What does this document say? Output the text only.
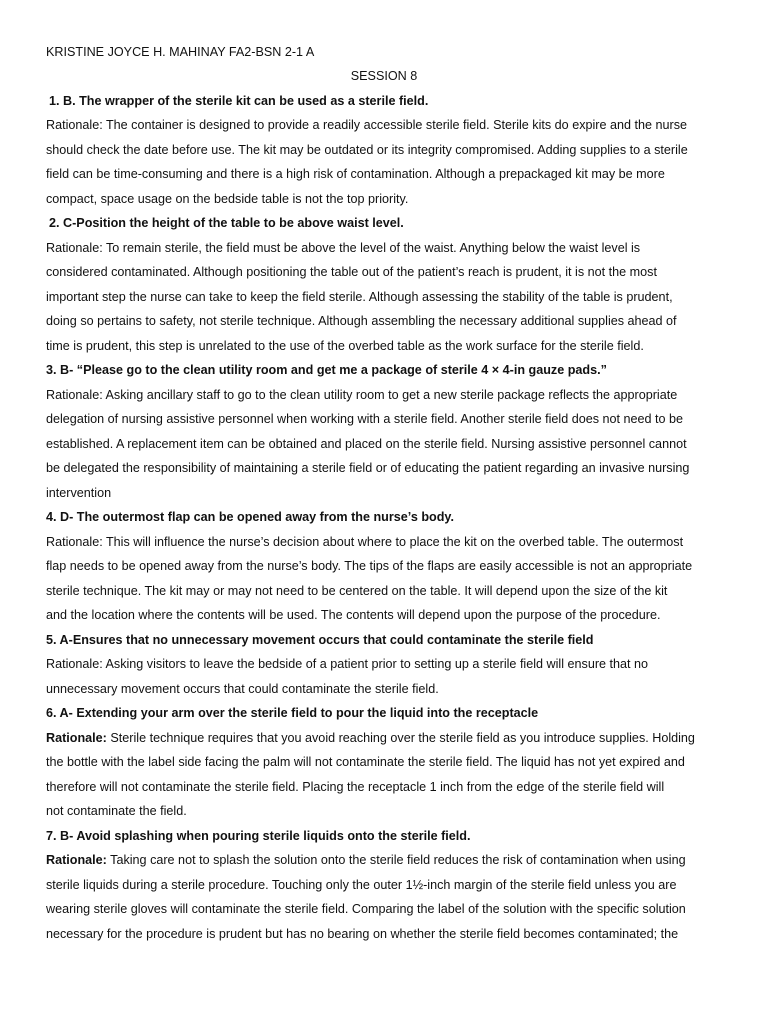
KRISTINE JOYCE H. MAHINAY FA2-BSN 2-1 A
SESSION 8
1. B. The wrapper of the sterile kit can be used as a sterile field.
Rationale: The container is designed to provide a readily accessible sterile field. Sterile kits do expire and the nurse
should check the date before use. The kit may be outdated or its integrity compromised. Adding supplies to a sterile
field can be time-consuming and there is a high risk of contamination. Although a prepackaged kit may be more
compact, space usage on the bedside table is not the top priority.
2. C-Position the height of the table to be above waist level.
Rationale: To remain sterile, the field must be above the level of the waist. Anything below the waist level is
considered contaminated. Although positioning the table out of the patient’s reach is prudent, it is not the most
important step the nurse can take to keep the field sterile. Although assessing the stability of the table is prudent,
doing so pertains to safety, not sterile technique. Although assembling the necessary additional supplies ahead of
time is prudent, this step is unrelated to the use of the overbed table as the work surface for the sterile field.
3. B- “Please go to the clean utility room and get me a package of sterile 4 × 4-in gauze pads.”
Rationale: Asking ancillary staff to go to the clean utility room to get a new sterile package reflects the appropriate
delegation of nursing assistive personnel when working with a sterile field. Another sterile field does not need to be
established. A replacement item can be obtained and placed on the sterile field. Nursing assistive personnel cannot
be delegated the responsibility of maintaining a sterile field or of educating the patient regarding an invasive nursing
intervention
4. D- The outermost flap can be opened away from the nurse’s body.
Rationale: This will influence the nurse’s decision about where to place the kit on the overbed table. The outermost
flap needs to be opened away from the nurse’s body. The tips of the flaps are easily accessible is not an appropriate
sterile technique. The kit may or may not need to be centered on the table. It will depend upon the size of the kit
and the location where the contents will be used. The contents will depend upon the purpose of the procedure.
5. A-Ensures that no unnecessary movement occurs that could contaminate the sterile field
Rationale: Asking visitors to leave the bedside of a patient prior to setting up a sterile field will ensure that no
unnecessary movement occurs that could contaminate the sterile field.
6. A- Extending your arm over the sterile field to pour the liquid into the receptacle
Rationale: Sterile technique requires that you avoid reaching over the sterile field as you introduce supplies. Holding
the bottle with the label side facing the palm will not contaminate the sterile field. The liquid has not yet expired and
therefore will not contaminate the sterile field. Placing the receptacle 1 inch from the edge of the sterile field will
not contaminate the field.
7. B- Avoid splashing when pouring sterile liquids onto the sterile field.
Rationale: Taking care not to splash the solution onto the sterile field reduces the risk of contamination when using
sterile liquids during a sterile procedure. Touching only the outer 1½-inch margin of the sterile field unless you are
wearing sterile gloves will contaminate the sterile field. Comparing the label of the solution with the specific solution
necessary for the procedure is prudent but has no bearing on whether the sterile field becomes contaminated; the
